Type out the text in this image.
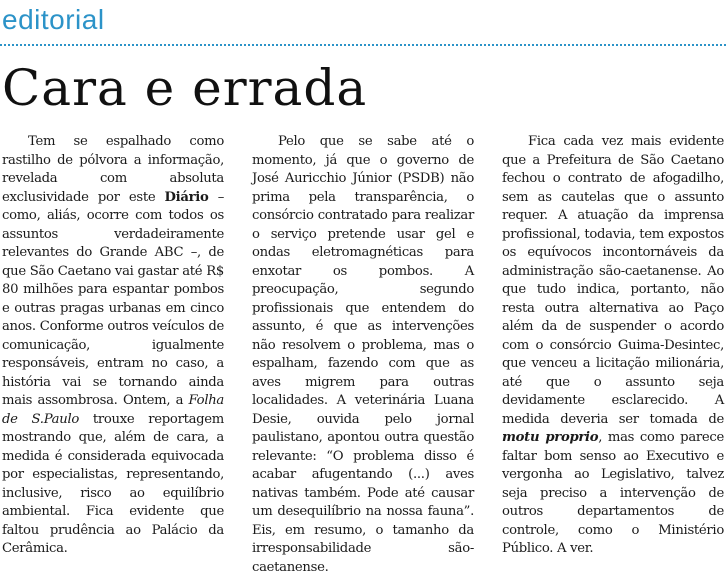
editorial
Cara e errada

Tem se espalhado como rastilho de pólvora a informação, revelada com absoluta exclusividade por este Diário – como, aliás, ocorre com todos os assuntos verdadeiramente relevantes do Grande ABC –, de que São Caetano vai gastar até R$ 80 milhões para espantar pombos e outras pragas urbanas em cinco anos. Conforme outros veículos de comunicação, igualmente responsáveis, entram no caso, a história vai se tornando ainda mais assombrosa. Ontem, a Folha de S.Paulo trouxe reportagem mostrando que, além de cara, a medida é considerada equivocada por especialistas, representando, inclusive, risco ao equilíbrio ambiental. Fica evidente que faltou prudência ao Palácio da Cerâmica.

Pelo que se sabe até o momento, já que o governo de José Auricchio Júnior (PSDB) não prima pela transparência, o consórcio contratado para realizar o serviço pretende usar gel e ondas eletromagnéticas para enxotar os pombos. A preocupação, segundo profissionais que entendem do assunto, é que as intervenções não resolvem o problema, mas o espalham, fazendo com que as aves migrem para outras localidades. A veterinária Luana Desie, ouvida pelo jornal paulistano, apontou outra questão relevante: “O problema disso é acabar afugentando (...) aves nativas também. Pode até causar um desequilíbrio na nossa fauna”. Eis, em resumo, o tamanho da irresponsabilidade são-caetanense.

Fica cada vez mais evidente que a Prefeitura de São Caetano fechou o contrato de afogadilho, sem as cautelas que o assunto requer. A atuação da imprensa profissional, todavia, tem expostos os equívocos incontornáveis da administração são-caetanense. Ao que tudo indica, portanto, não resta outra alternativa ao Paço além da de suspender o acordo com o consórcio Guima-Desintec, que venceu a licitação milionária, até que o assunto seja devidamente esclarecido. A medida deveria ser tomada de motu proprio, mas como parece faltar bom senso ao Executivo e vergonha ao Legislativo, talvez seja preciso a intervenção de outros departamentos de controle, como o Ministério Público. A ver.
